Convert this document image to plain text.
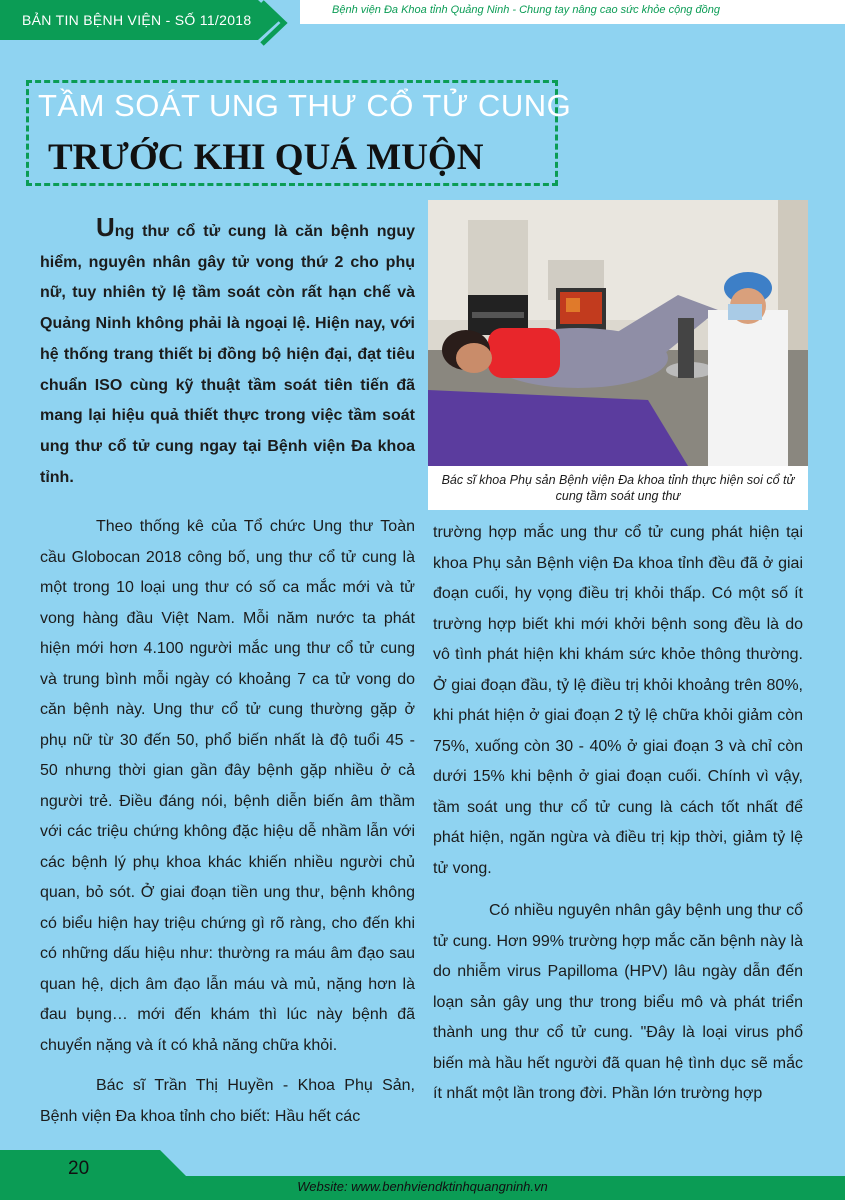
Bệnh viện Đa Khoa tỉnh Quảng Ninh - Chung tay nâng cao sức khỏe cộng đồng
BẢN TIN BỆNH VIỆN - SỐ 11/2018
TẦM SOÁT UNG THƯ CỔ TỬ CUNG
TRƯỚC KHI QUÁ MUỘN
Bác sĩ khoa Phụ sản Bệnh viện Đa khoa tỉnh thực hiện soi cổ tử cung tầm soát ung thư

Ung thư cổ tử cung là căn bệnh nguy hiểm, nguyên nhân gây tử vong thứ 2 cho phụ nữ, tuy nhiên tỷ lệ tầm soát còn rất hạn chế và Quảng Ninh không phải là ngoại lệ. Hiện nay, với hệ thống trang thiết bị đồng bộ hiện đại, đạt tiêu chuẩn ISO cùng kỹ thuật tầm soát tiên tiến đã mang lại hiệu quả thiết thực trong việc tầm soát ung thư cổ tử cung ngay tại Bệnh viện Đa khoa tỉnh.

Theo thống kê của Tổ chức Ung thư Toàn cầu Globocan 2018 công bố, ung thư cổ tử cung là một trong 10 loại ung thư có số ca mắc mới và tử vong hàng đầu Việt Nam. Mỗi năm nước ta phát hiện mới hơn 4.100 người mắc ung thư cổ tử cung và trung bình mỗi ngày có khoảng 7 ca tử vong do căn bệnh này. Ung thư cổ tử cung thường gặp ở phụ nữ từ 30 đến 50, phổ biến nhất là độ tuổi 45 - 50 nhưng thời gian gần đây bệnh gặp nhiều ở cả người trẻ. Điều đáng nói, bệnh diễn biến âm thầm với các triệu chứng không đặc hiệu dễ nhầm lẫn với các bệnh lý phụ khoa khác khiến nhiều người chủ quan, bỏ sót. Ở giai đoạn tiền ung thư, bệnh không có biểu hiện hay triệu chứng gì rõ ràng, cho đến khi có những dấu hiệu như: thường ra máu âm đạo sau quan hệ, dịch âm đạo lẫn máu và mủ, nặng hơn là đau bụng… mới đến khám thì lúc này bệnh đã chuyển nặng và ít có khả năng chữa khỏi.

Bác sĩ Trần Thị Huyền - Khoa Phụ Sản, Bệnh viện Đa khoa tỉnh cho biết: Hầu hết các

trường hợp mắc ung thư cổ tử cung phát hiện tại khoa Phụ sản Bệnh viện Đa khoa tỉnh đều đã ở giai đoạn cuối, hy vọng điều trị khỏi thấp. Có một số ít trường hợp biết khi mới khởi bệnh song đều là do vô tình phát hiện khi khám sức khỏe thông thường. Ở giai đoạn đầu, tỷ lệ điều trị khỏi khoảng trên 80%, khi phát hiện ở giai đoạn 2 tỷ lệ chữa khỏi giảm còn 75%, xuống còn 30 - 40% ở giai đoạn 3 và chỉ còn dưới 15% khi bệnh ở giai đoạn cuối. Chính vì vậy, tầm soát ung thư cổ tử cung là cách tốt nhất để phát hiện, ngăn ngừa và điều trị kịp thời, giảm tỷ lệ tử vong.

Có nhiều nguyên nhân gây bệnh ung thư cổ tử cung. Hơn 99% trường hợp mắc căn bệnh này là do nhiễm virus Papilloma (HPV) lâu ngày dẫn đến loạn sản gây ung thư trong biểu mô và phát triển thành ung thư cổ tử cung. "Đây là loại virus phổ biến mà hầu hết người đã quan hệ tình dục sẽ mắc ít nhất một lần trong đời. Phần lớn trường hợp

20
Website: www.benhviendktinhquangninh.vn
